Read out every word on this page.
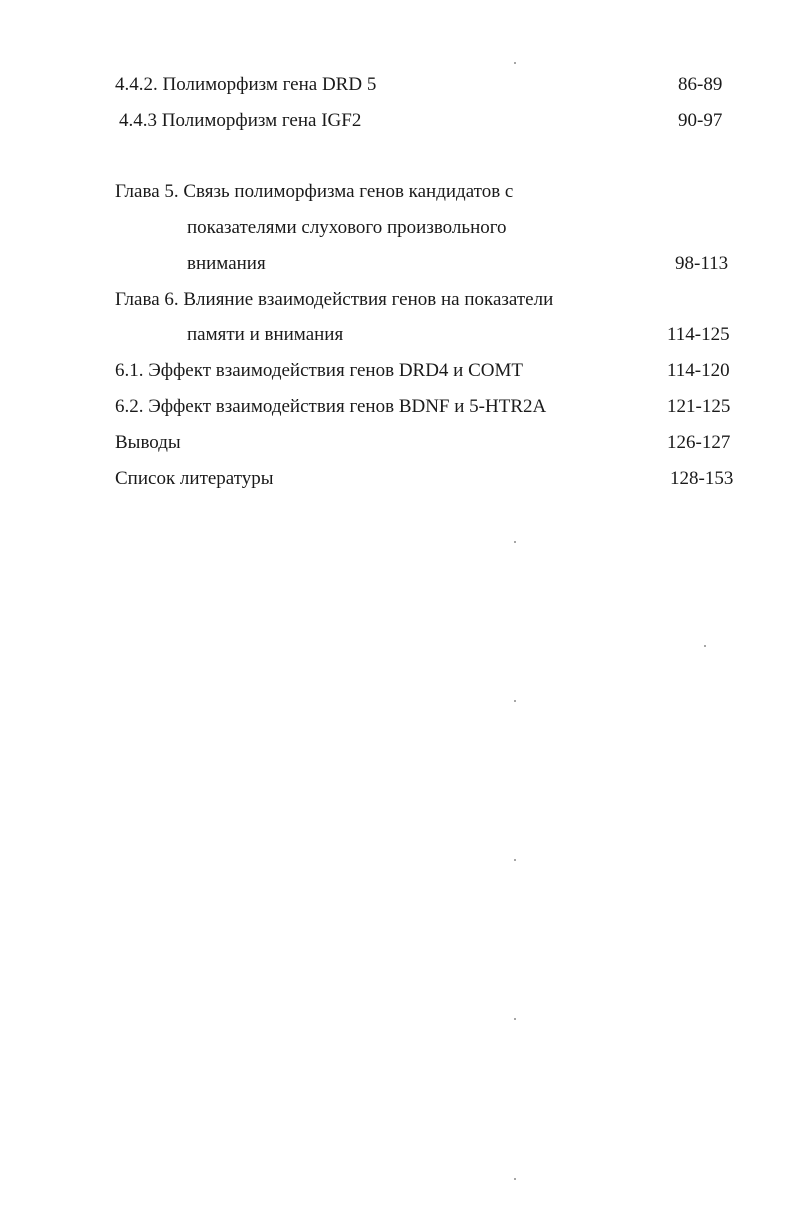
4.4.2. Полиморфизм гена DRD 5	86-89
4.4.3 Полиморфизм гена IGF2	90-97
Глава 5. Связь полиморфизма генов кандидатов с
показателями слухового произвольного
внимания	98-113
Глава 6. Влияние взаимодействия генов на показатели
памяти и внимания	114-125
6.1. Эффект взаимодействия генов DRD4 и COMT	114-120
6.2. Эффект взаимодействия генов BDNF и 5-HTR2A	121-125
Выводы	126-127
Список литературы	128-153
